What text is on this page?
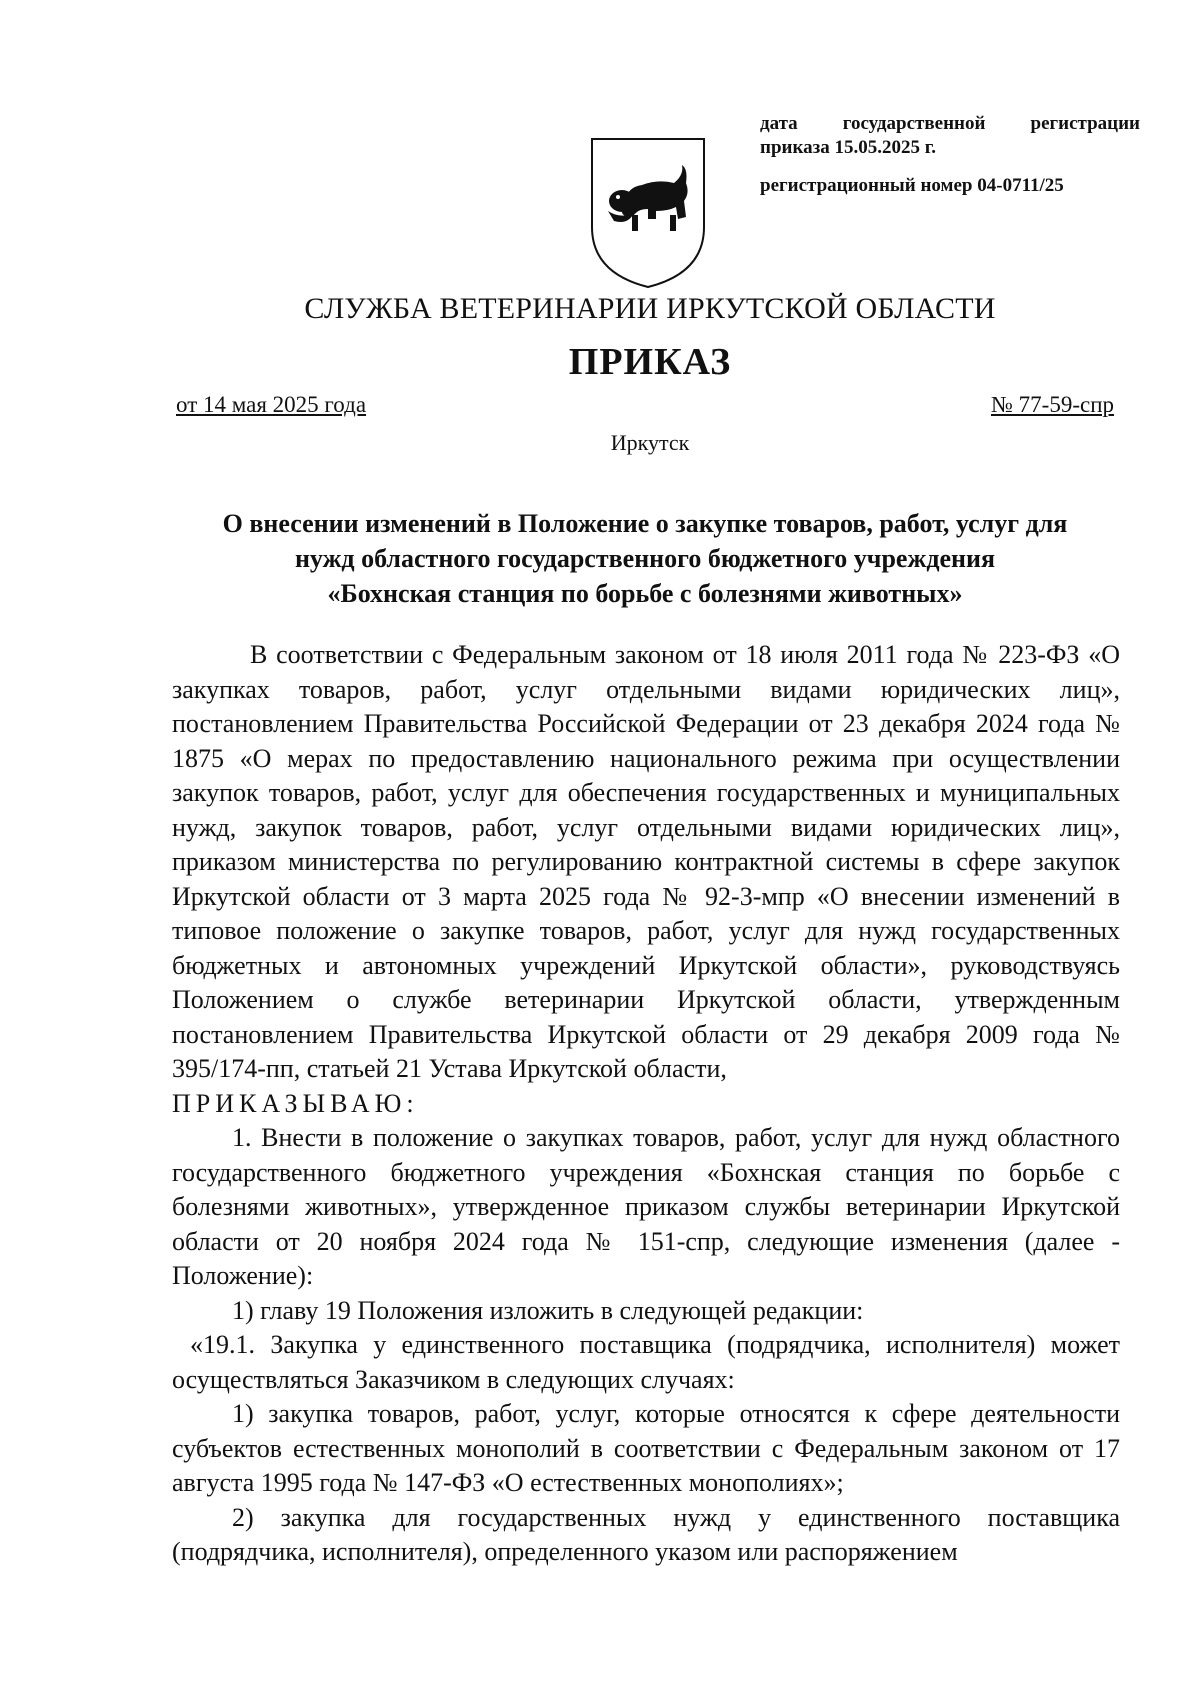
дата государственной регистрации
приказа 15.05.2025 г.
регистрационный номер 04-0711/25
СЛУЖБА ВЕТЕРИНАРИИ ИРКУТСКОЙ ОБЛАСТИ
ПРИКАЗ
от 14 мая 2025 года	№ 77-59-спр
Иркутск
О внесении изменений в Положение о закупке товаров, работ, услуг для
нужд областного государственного бюджетного учреждения
«Бохнская станция по борьбе с болезнями животных»

В соответствии с Федеральным законом от 18 июля 2011 года № 223-ФЗ «О закупках товаров, работ, услуг отдельными видами юридических лиц», постановлением Правительства Российской Федерации от 23 декабря 2024 года № 1875 «О мерах по предоставлению национального режима при осуществлении закупок товаров, работ, услуг для обеспечения государственных и муниципальных нужд, закупок товаров, работ, услуг отдельными видами юридических лиц», приказом министерства по регулированию контрактной системы в сфере закупок Иркутской области от 3 марта 2025 года № 92-3-мпр «О внесении изменений в типовое положение о закупке товаров, работ, услуг для нужд государственных бюджетных и автономных учреждений Иркутской области», руководствуясь Положением о службе ветеринарии Иркутской области, утвержденным постановлением Правительства Иркутской области от 29 декабря 2009 года № 395/174-пп, статьей 21 Устава Иркутской области,

ПРИКАЗЫВАЮ:

1. Внести в положение о закупках товаров, работ, услуг для нужд областного государственного бюджетного учреждения «Бохнская станция по борьбе с болезнями животных», утвержденное приказом службы ветеринарии Иркутской области от 20 ноября 2024 года № 151-спр, следующие изменения (далее - Положение):

1) главу 19 Положения изложить в следующей редакции:

«19.1. Закупка у единственного поставщика (подрядчика, исполнителя) может осуществляться Заказчиком в следующих случаях:

1) закупка товаров, работ, услуг, которые относятся к сфере деятельности субъектов естественных монополий в соответствии с Федеральным законом от 17 августа 1995 года № 147-ФЗ «О естественных монополиях»;

2) закупка для государственных нужд у единственного поставщика (подрядчика, исполнителя), определенного указом или распоряжением
